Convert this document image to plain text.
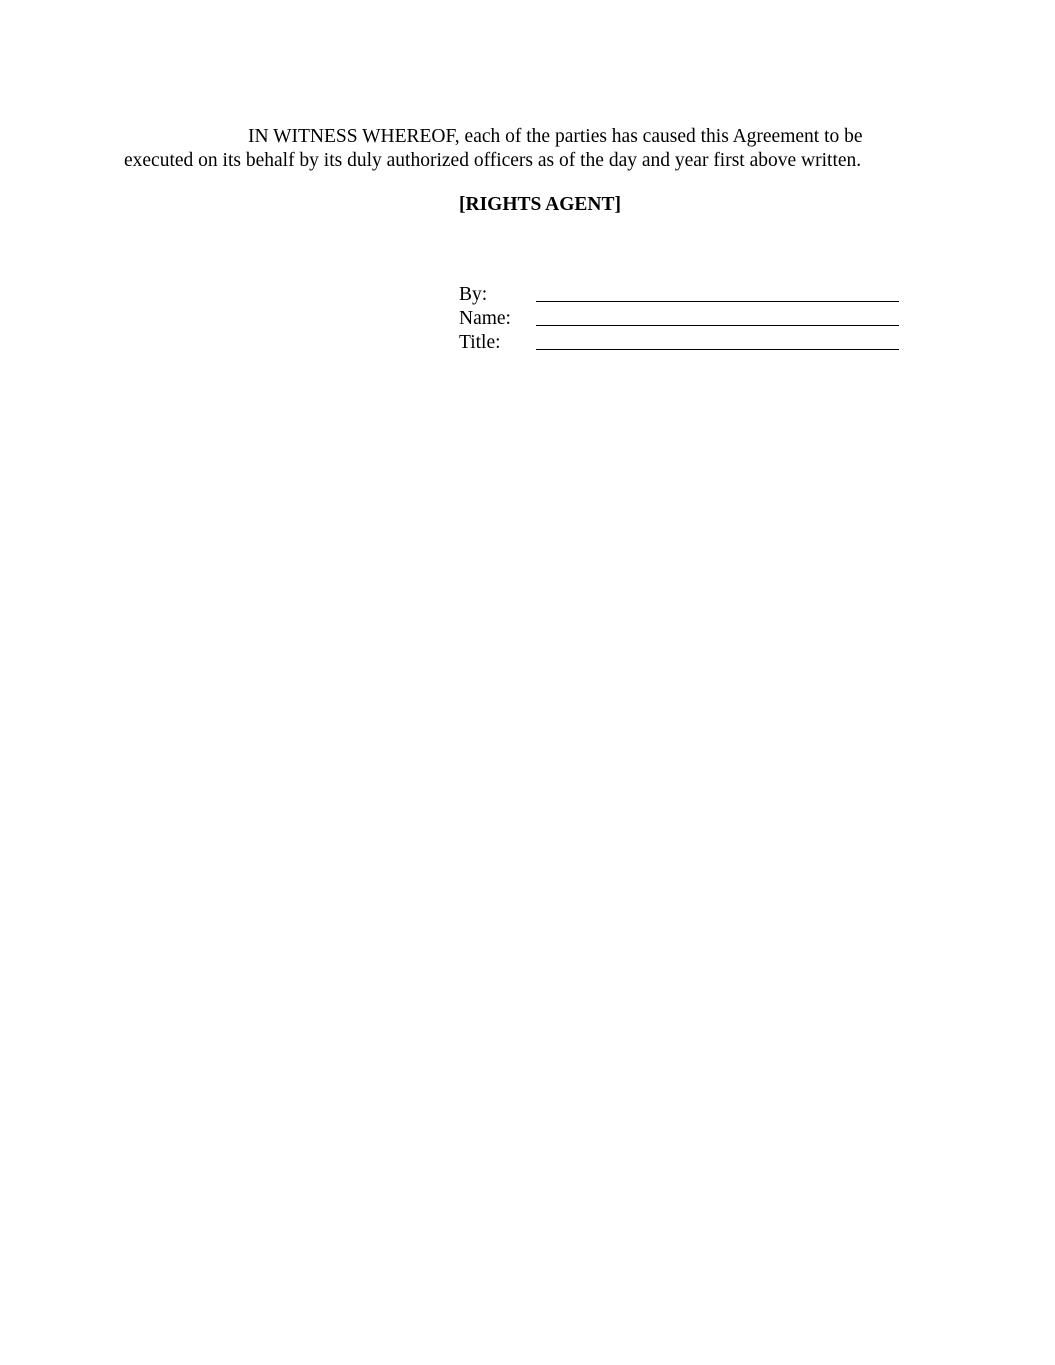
IN WITNESS WHEREOF, each of the parties has caused this Agreement to be
executed on its behalf by its duly authorized officers as of the day and year first above written.

[RIGHTS AGENT]

By:
Name:
Title:
